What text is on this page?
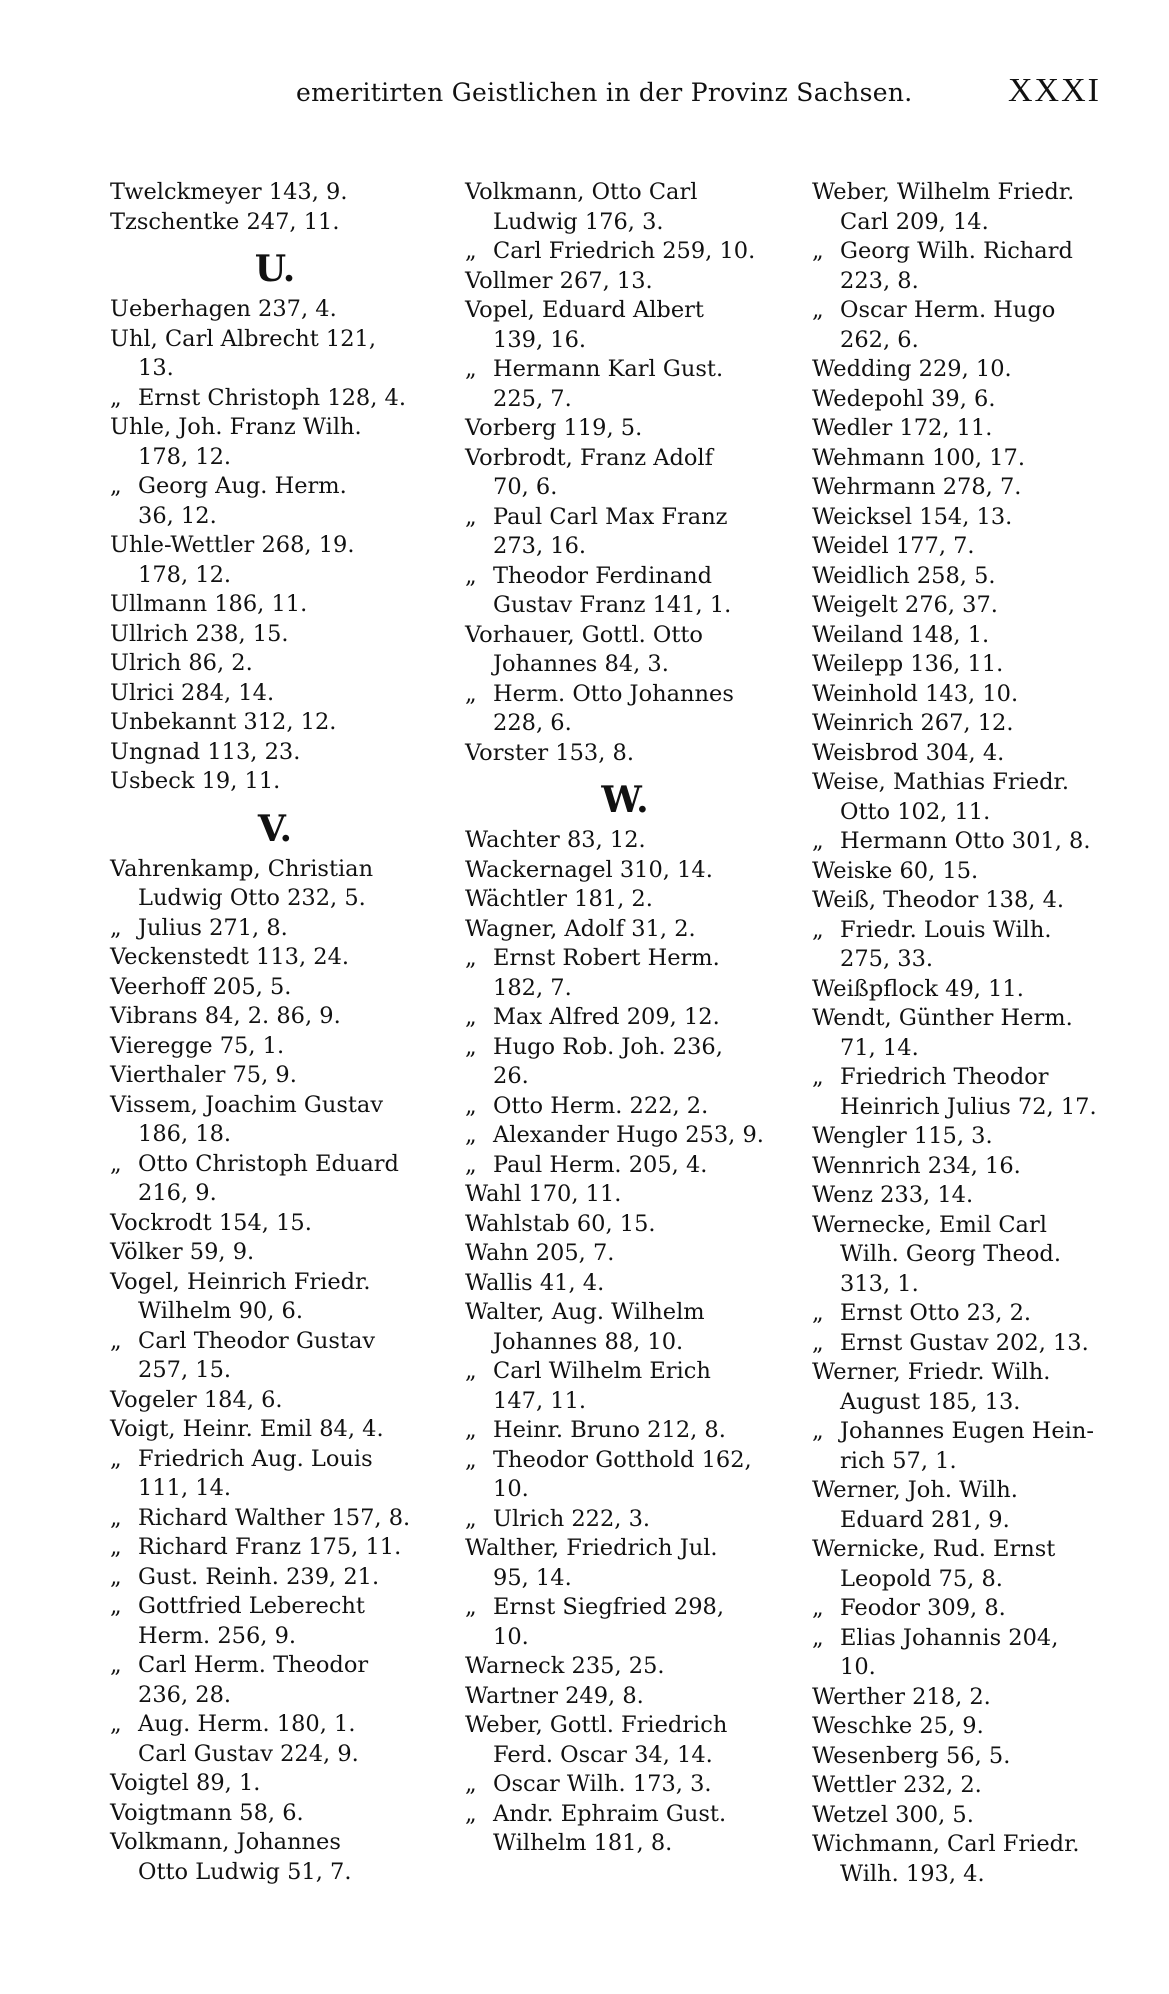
emeritirten Geistlichen in der Provinz Sachsen.	XXXI
Twelckmeyer 143, 9.
Tzschentke 247, 11.
U.
Ueberhagen 237, 4.
Uhl, Carl Albrecht 121,
13.
„ Ernst Christoph 128, 4.
Uhle, Joh. Franz Wilh.
178, 12.
„ Georg Aug. Herm.
36, 12.
Uhle-Wettler 268, 19.
178, 12.
Ullmann 186, 11.
Ullrich 238, 15.
Ulrich 86, 2.
Ulrici 284, 14.
Unbekannt 312, 12.
Ungnad 113, 23.
Usbeck 19, 11.
V.
Vahrenkamp, Christian
Ludwig Otto 232, 5.
„ Julius 271, 8.
Veckenstedt 113, 24.
Veerhoff 205, 5.
Vibrans 84, 2. 86, 9.
Vieregge 75, 1.
Vierthaler 75, 9.
Vissem, Joachim Gustav
186, 18.
„ Otto Christoph Eduard
216, 9.
Vockrodt 154, 15.
Völker 59, 9.
Vogel, Heinrich Friedr.
Wilhelm 90, 6.
„ Carl Theodor Gustav
257, 15.
Vogeler 184, 6.
Voigt, Heinr. Emil 84, 4.
„ Friedrich Aug. Louis
111, 14.
„ Richard Walther 157, 8.
„ Richard Franz 175, 11.
„ Gust. Reinh. 239, 21.
„ Gottfried Leberecht
Herm. 256, 9.
„ Carl Herm. Theodor
236, 28.
„ Aug. Herm. 180, 1.
Carl Gustav 224, 9.
Voigtel 89, 1.
Voigtmann 58, 6.
Volkmann, Johannes
Otto Ludwig 51, 7.
Volkmann, Otto Carl
Ludwig 176, 3.
„ Carl Friedrich 259, 10.
Vollmer 267, 13.
Vopel, Eduard Albert
139, 16.
„ Hermann Karl Gust.
225, 7.
Vorberg 119, 5.
Vorbrodt, Franz Adolf
70, 6.
„ Paul Carl Max Franz
273, 16.
„ Theodor Ferdinand
Gustav Franz 141, 1.
Vorhauer, Gottl. Otto
Johannes 84, 3.
„ Herm. Otto Johannes
228, 6.
Vorster 153, 8.
W.
Wachter 83, 12.
Wackernagel 310, 14.
Wächtler 181, 2.
Wagner, Adolf 31, 2.
„ Ernst Robert Herm.
182, 7.
„ Max Alfred 209, 12.
„ Hugo Rob. Joh. 236,
26.
„ Otto Herm. 222, 2.
„ Alexander Hugo 253, 9.
„ Paul Herm. 205, 4.
Wahl 170, 11.
Wahlstab 60, 15.
Wahn 205, 7.
Wallis 41, 4.
Walter, Aug. Wilhelm
Johannes 88, 10.
„ Carl Wilhelm Erich
147, 11.
„ Heinr. Bruno 212, 8.
„ Theodor Gotthold 162,
10.
„ Ulrich 222, 3.
Walther, Friedrich Jul.
95, 14.
„ Ernst Siegfried 298,
10.
Warneck 235, 25.
Wartner 249, 8.
Weber, Gottl. Friedrich
Ferd. Oscar 34, 14.
„ Oscar Wilh. 173, 3.
„ Andr. Ephraim Gust.
Wilhelm 181, 8.
Weber, Wilhelm Friedr.
Carl 209, 14.
„ Georg Wilh. Richard
223, 8.
„ Oscar Herm. Hugo
262, 6.
Wedding 229, 10.
Wedepohl 39, 6.
Wedler 172, 11.
Wehmann 100, 17.
Wehrmann 278, 7.
Weicksel 154, 13.
Weidel 177, 7.
Weidlich 258, 5.
Weigelt 276, 37.
Weiland 148, 1.
Weilepp 136, 11.
Weinhold 143, 10.
Weinrich 267, 12.
Weisbrod 304, 4.
Weise, Mathias Friedr.
Otto 102, 11.
„ Hermann Otto 301, 8.
Weiske 60, 15.
Weiß, Theodor 138, 4.
„ Friedr. Louis Wilh.
275, 33.
Weißpflock 49, 11.
Wendt, Günther Herm.
71, 14.
„ Friedrich Theodor
Heinrich Julius 72, 17.
Wengler 115, 3.
Wennrich 234, 16.
Wenz 233, 14.
Wernecke, Emil Carl
Wilh. Georg Theod.
313, 1.
„ Ernst Otto 23, 2.
„ Ernst Gustav 202, 13.
Werner, Friedr. Wilh.
August 185, 13.
„ Johannes Eugen Hein-
rich 57, 1.
Werner, Joh. Wilh.
Eduard 281, 9.
Wernicke, Rud. Ernst
Leopold 75, 8.
„ Feodor 309, 8.
„ Elias Johannis 204,
10.
Werther 218, 2.
Weschke 25, 9.
Wesenberg 56, 5.
Wettler 232, 2.
Wetzel 300, 5.
Wichmann, Carl Friedr.
Wilh. 193, 4.
